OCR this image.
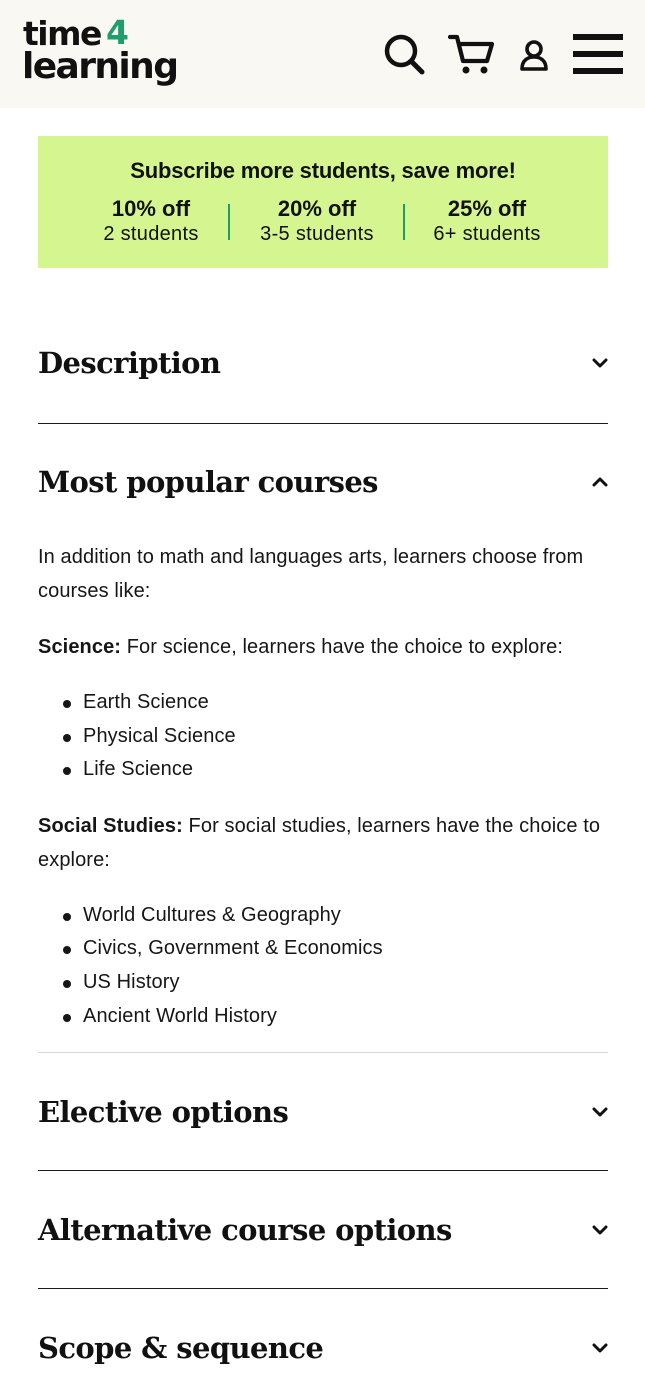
time 4
learning
Subscribe more students, save more!
10% off
2 students
20% off
3-5 students
25% off
6+ students
Description
Most popular courses

In addition to math and languages arts, learners choose from courses like:

Science: For science, learners have the choice to explore:

Earth Science
Physical Science
Life Science

Social Studies: For social studies, learners have the choice to explore:

World Cultures & Geography
Civics, Government & Economics
US History
Ancient World History
Elective options
Alternative course options
Scope & sequence
